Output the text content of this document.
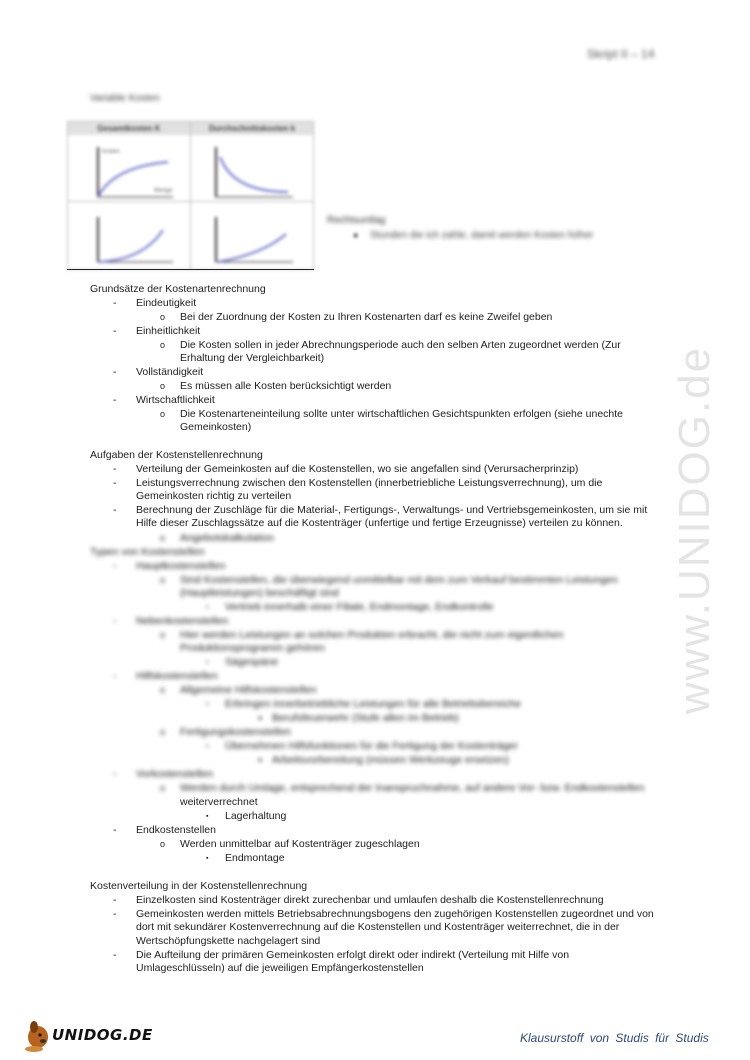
Skript II – 14
Variable Kosten
Gesamtkosten K	Durchschnittskosten k
kosten
Menge
Rechtsuntlag
● Stunden die ich zahle, damit werden Kosten höher
Grundsätze der Kostenartenrechnung
- Eindeutigkeit
o Bei der Zuordnung der Kosten zu Ihren Kostenarten darf es keine Zweifel geben
- Einheitlichkeit
o Die Kosten sollen in jeder Abrechnungsperiode auch den selben Arten zugeordnet werden (Zur
Erhaltung der Vergleichbarkeit)
- Vollständigkeit
o Es müssen alle Kosten berücksichtigt werden
- Wirtschaftlichkeit
o Die Kostenarteneinteilung sollte unter wirtschaftlichen Gesichtspunkten erfolgen (siehe unechte
Gemeinkosten)
Aufgaben der Kostenstellenrechnung
- Verteilung der Gemeinkosten auf die Kostenstellen, wo sie angefallen sind (Verursacherprinzip)
- Leistungsverrechnung zwischen den Kostenstellen (innerbetriebliche Leistungsverrechnung), um die
Gemeinkosten richtig zu verteilen
- Berechnung der Zuschläge für die Material-, Fertigungs-, Verwaltungs- und Vertriebsgemeinkosten, um sie mit
Hilfe dieser Zuschlagssätze auf die Kostenträger (unfertige und fertige Erzeugnisse) verteilen zu können.
o Angebotskalkulation
Typen von Kostenstellen
- Hauptkostenstellen
o Sind Kostenstellen, die überwiegend unmittelbar mit dem zum Verkauf bestimmten Leistungen
(Hauptleistungen) beschäftigt sind
▪ Vertrieb innerhalb einer Filiale, Endmontage, Endkontrolle
- Nebenkostenstellen
o Hier werden Leistungen an solchen Produkten erbracht, die nicht zum eigentlichen
Produktionsprogramm gehören
▪ Sägespäne
- Hilfskostenstellen
o Allgemeine Hilfskostenstellen
▪ Erbringen innerbetriebliche Leistungen für alle Betriebsbereiche
● Berufsfeuerwehr (Stufe allen im Betrieb)
o Fertigungskostenstellen
▪ Übernehmen Hilfsfunktionen für die Fertigung der Kostenträger
● Arbeitsvorbereitung (müssen Werkzeuge ersetzen)
- Vorkostenstellen
o Werden durch Umlage, entsprechend der Inanspruchnahme, auf andere Vor- bzw. Endkostenstellen
weiterverrechnet
▪ Lagerhaltung
- Endkostenstellen
o Werden unmittelbar auf Kostenträger zugeschlagen
▪ Endmontage
Kostenverteilung in der Kostenstellenrechnung
- Einzelkosten sind Kostenträger direkt zurechenbar und umlaufen deshalb die Kostenstellenrechnung
- Gemeinkosten werden mittels Betriebsabrechnungsbogens den zugehörigen Kostenstellen zugeordnet und von
dort mit sekundärer Kostenverrechnung auf die Kostenstellen und Kostenträger weiterrechnet, die in der
Wertschöpfungskette nachgelagert sind
- Die Aufteilung der primären Gemeinkosten erfolgt direkt oder indirekt (Verteilung mit Hilfe von
Umlageschlüsseln) auf die jeweiligen Empfängerkostenstellen
www.UNIDOG.de
UNIDOG.DE	Klausurstoff von Studis für Studis
